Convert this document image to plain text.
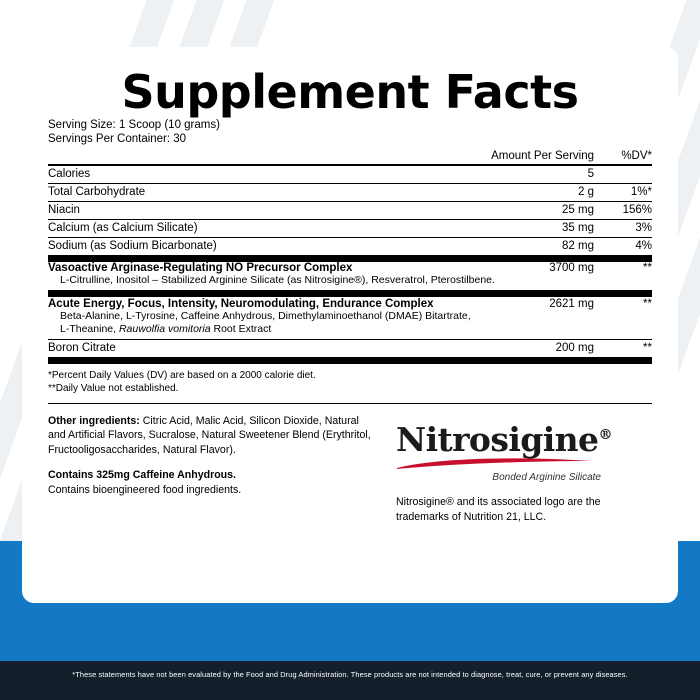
*These statements have not been evaluated by the Food and Drug Administration. These products are not intended to diagnose, treat, cure, or prevent any diseases.
Supplement Facts
Serving Size: 1 Scoop (10 grams)
Servings Per Container: 30
	Amount Per Serving	%DV*
Calories	5	
Total Carbohydrate	2 g	1%*
Niacin	25 mg	156%
Calcium (as Calcium Silicate)	35 mg	3%
Sodium (as Sodium Bicarbonate)	82 mg	4%

Vasoactive Arginase-Regulating NO Precursor Complex	3700 mg	**
L-Citrulline, Inositol – Stabilized Arginine Silicate (as Nitrosigine®), Resveratrol, Pterostilbene.		

Acute Energy, Focus, Intensity, Neuromodulating, Endurance Complex	2621 mg	**
Beta-Alanine, L-Tyrosine, Caffeine Anhydrous, Dimethylaminoethanol (DMAE) Bitartrate,		
L-Theanine, Rauwolfia vomitoria Root Extract		
Boron Citrate	200 mg	**
*Percent Daily Values (DV) are based on a 2000 calorie diet.
**Daily Value not established.
Other ingredients: Citric Acid, Malic Acid, Silicon Dioxide, Natural and Artificial Flavors, Sucralose, Natural Sweetener Blend (Erythritol, Fructooligosaccharides, Natural Flavor).
Contains 325mg Caffeine Anhydrous.
Contains bioengineered food ingredients.
Nitrosigine®
Bonded Arginine Silicate
Nitrosigine® and its associated logo are the trademarks of Nutrition 21, LLC.
